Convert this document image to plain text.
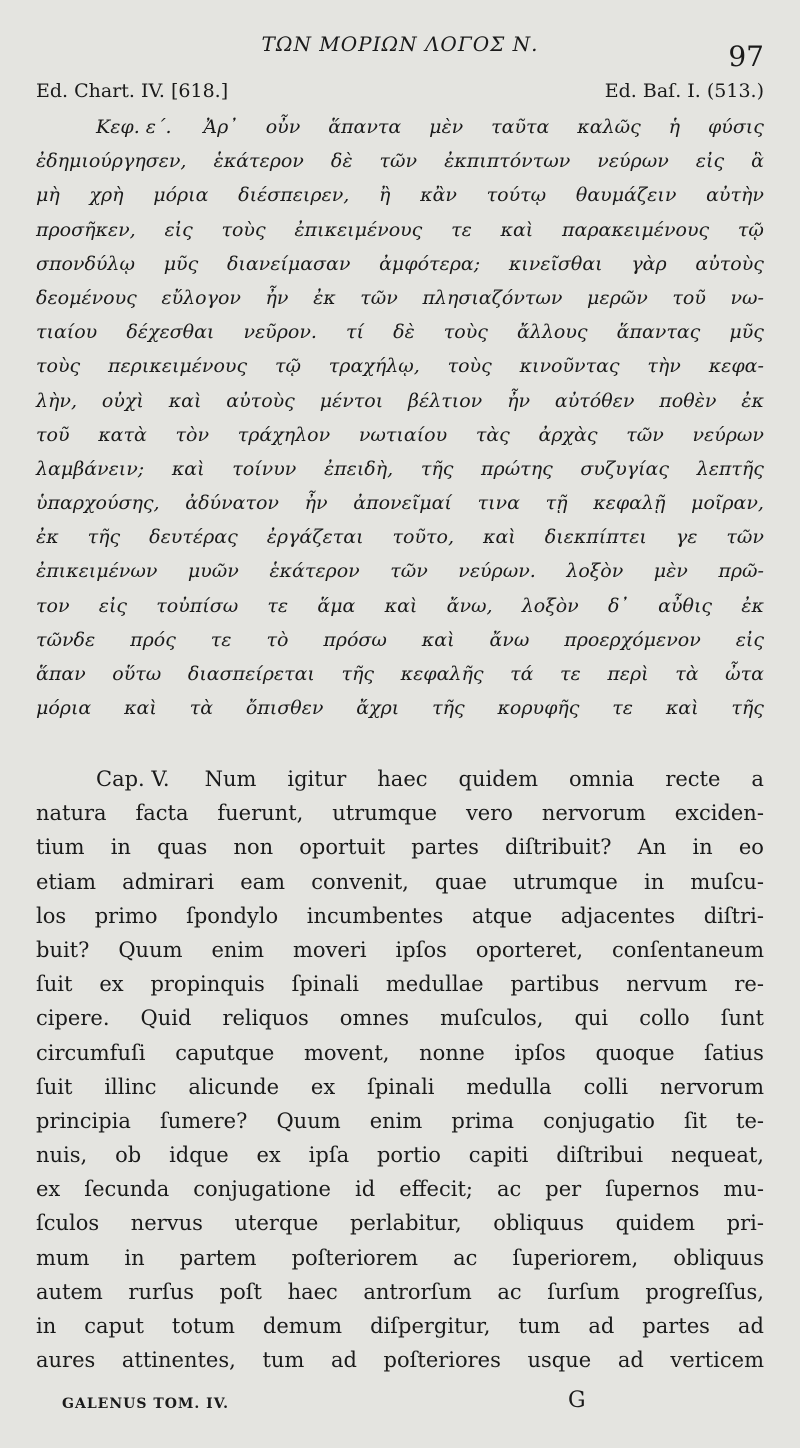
ΤΩΝ ΜΟΡΙΩΝ ΛΟΓΟΣ Ν.	97
Ed. Chart. IV. [618.]	Ed. Baſ. I. (513.)
Κεφ. ε΄. Ἀρ᾽ οὖν ἅπαντα μὲν ταῦτα καλῶς ἡ φύσις
ἐδημιούργησεν, ἑκάτερον δὲ τῶν ἐκπιπτόντων νεύρων εἰς ἃ
μὴ χρὴ μόρια διέσπειρεν, ἢ κἂν τούτῳ θαυμάζειν αὐτὴν
προσῆκεν, εἰς τοὺς ἐπικειμένους τε καὶ παρακειμένους τῷ
σπονδύλῳ μῦς διανείμασαν ἀμφότερα; κινεῖσθαι γὰρ αὐτοὺς
δεομένους εὔλογον ἦν ἐκ τῶν πλησιαζόντων μερῶν τοῦ νω-
τιαίου δέχεσθαι νεῦρον. τί δὲ τοὺς ἄλλους ἅπαντας μῦς
τοὺς περικειμένους τῷ τραχήλῳ, τοὺς κινοῦντας τὴν κεφα-
λὴν, οὐχὶ καὶ αὐτοὺς μέντοι βέλτιον ἦν αὐτόθεν ποθὲν ἐκ
τοῦ κατὰ τὸν τράχηλον νωτιαίου τὰς ἀρχὰς τῶν νεύρων
λαμβάνειν; καὶ τοίνυν ἐπειδὴ, τῆς πρώτης συζυγίας λεπτῆς
ὑπαρχούσης, ἀδύνατον ἦν ἀπονεῖμαί τινα τῇ κεφαλῇ μοῖραν,
ἐκ τῆς δευτέρας ἐργάζεται τοῦτο, καὶ διεκπίπτει γε τῶν
ἐπικειμένων μυῶν ἑκάτερον τῶν νεύρων. λοξὸν μὲν πρῶ-
τον εἰς τοὐπίσω τε ἅμα καὶ ἄνω, λοξὸν δ᾽ αὖθις ἐκ
τῶνδε πρός τε τὸ πρόσω καὶ ἄνω προερχόμενον εἰς
ἅπαν οὕτω διασπείρεται τῆς κεφαλῆς τά τε περὶ τὰ ὦτα
μόρια καὶ τὰ ὄπισθεν ἄχρι τῆς κορυφῆς τε καὶ τῆς
Cap. V. Num igitur haec quidem omnia recte a
natura facta fuerunt, utrumque vero nervorum exciden-
tium in quas non oportuit partes diſtribuit? An in eo
etiam admirari eam convenit, quae utrumque in muſcu-
los primo ſpondylo incumbentes atque adjacentes diſtri-
buit? Quum enim moveri ipſos oporteret, conſentaneum
ſuit ex propinquis ſpinali medullae partibus nervum re-
cipere. Quid reliquos omnes muſculos, qui collo ſunt
circumfuſi caputque movent, nonne ipſos quoque ſatius
ſuit illinc alicunde ex ſpinali medulla colli nervorum
principia ſumere? Quum enim prima conjugatio ſit te-
nuis, ob idque ex ipſa portio capiti diſtribui nequeat,
ex ſecunda conjugatione id effecit; ac per ſupernos mu-
ſculos nervus uterque perlabitur, obliquus quidem pri-
mum in partem poſteriorem ac ſuperiorem, obliquus
autem rurſus poſt haec antrorſum ac ſurſum progreſſus,
in caput totum demum diſpergitur, tum ad partes ad
aures attinentes, tum ad poſteriores usque ad verticem
GALENUS TOM. IV.	G
